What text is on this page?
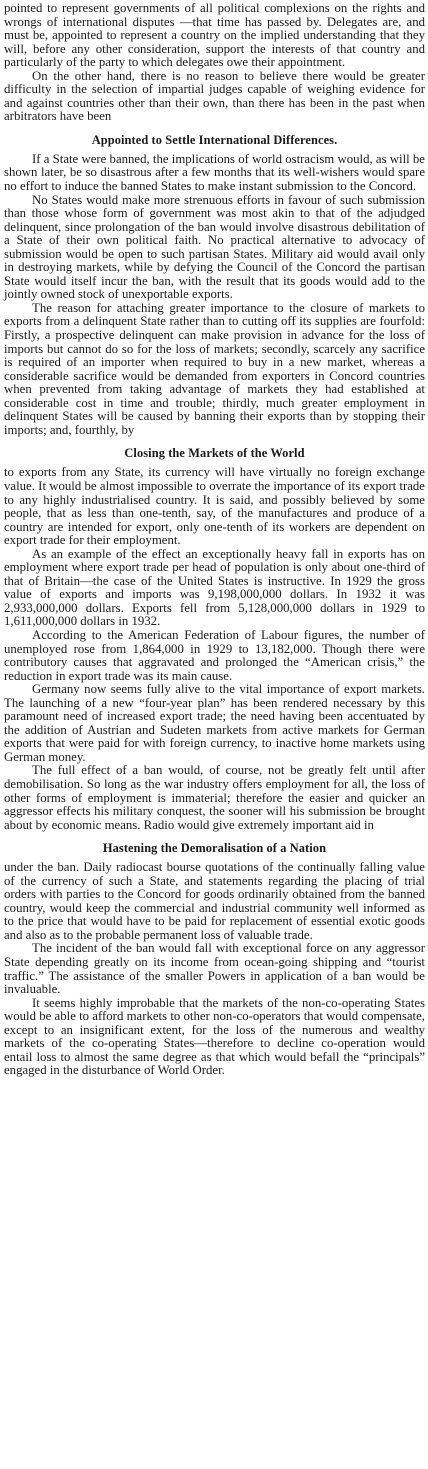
pointed to represent governments of all political complexions on the rights and wrongs of international disputes —that time has passed by. Delegates are, and must be, appointed to represent a country on the implied understanding that they will, before any other consideration, support the interests of that country and particularly of the party to which delegates owe their appointment.

On the other hand, there is no reason to believe there would be greater difficulty in the selection of impartial judges capable of weighing evidence for and against countries other than their own, than there has been in the past when arbitrators have been

Appointed to Settle International Differences.

If a State were banned, the implications of world ostracism would, as will be shown later, be so disastrous after a few months that its well-wishers would spare no effort to induce the banned States to make instant submission to the Concord.

No States would make more strenuous efforts in favour of such submission than those whose form of government was most akin to that of the adjudged delinquent, since prolongation of the ban would involve disastrous debilitation of a State of their own political faith. No practical alternative to advocacy of submission would be open to such partisan States. Military aid would avail only in destroying markets, while by defying the Council of the Concord the partisan State would itself incur the ban, with the result that its goods would add to the jointly owned stock of unexportable exports.

The reason for attaching greater importance to the closure of markets to exports from a delinquent State rather than to cutting off its supplies are fourfold: Firstly, a prospective delinquent can make provision in advance for the loss of imports but cannot do so for the loss of markets; secondly, scarcely any sacrifice is required of an importer when required to buy in a new market, whereas a considerable sacrifice would be demanded from exporters in Concord countries when prevented from taking advantage of markets they had established at considerable cost in time and trouble; thirdly, much greater employment in delinquent States will be caused by banning their exports than by stopping their imports; and, fourthly, by

Closing the Markets of the World

to exports from any State, its currency will have virtually no foreign exchange value. It would be almost impossible to overrate the importance of its export trade to any highly industrialised country. It is said, and possibly believed by some people, that as less than one-tenth, say, of the manufactures and produce of a country are intended for export, only one-tenth of its workers are dependent on export trade for their employment.

As an example of the effect an exceptionally heavy fall in exports has on employment where export trade per head of population is only about one-third of that of Britain—the case of the United States is instructive. In 1929 the gross value of exports and imports was 9,198,000,000 dollars. In 1932 it was 2,933,000,000 dollars. Exports fell from 5,128,000,000 dollars in 1929 to 1,611,000,000 dollars in 1932.

According to the American Federation of Labour figures, the number of unemployed rose from 1,864,000 in 1929 to 13,182,000. Though there were contributory causes that aggravated and prolonged the “American crisis,” the reduction in export trade was its main cause.

Germany now seems fully alive to the vital importance of export markets. The launching of a new “four-year plan” has been rendered necessary by this paramount need of increased export trade; the need having been accentuated by the addition of Austrian and Sudeten markets from active markets for German exports that were paid for with foreign currency, to inactive home markets using German money.

The full effect of a ban would, of course, not be greatly felt until after demobilisation. So long as the war industry offers employment for all, the loss of other forms of employment is immaterial; therefore the easier and quicker an aggressor effects his military conquest, the sooner will his submission be brought about by economic means. Radio would give extremely important aid in

Hastening the Demoralisation of a Nation

under the ban. Daily radiocast bourse quotations of the continually falling value of the currency of such a State, and statements regarding the placing of trial orders with parties to the Concord for goods ordinarily obtained from the banned country, would keep the commercial and industrial community well informed as to the price that would have to be paid for replacement of essential exotic goods and also as to the probable permanent loss of valuable trade.

The incident of the ban would fall with exceptional force on any aggressor State depending greatly on its income from ocean-going shipping and “tourist traffic.” The assistance of the smaller Powers in application of a ban would be invaluable.

It seems highly improbable that the markets of the non-co-operating States would be able to afford markets to other non-co-operators that would compensate, except to an insignificant extent, for the loss of the numerous and wealthy markets of the co-operating States—therefore to decline co-operation would entail loss to almost the same degree as that which would befall the “principals” engaged in the disturbance of World Order.
